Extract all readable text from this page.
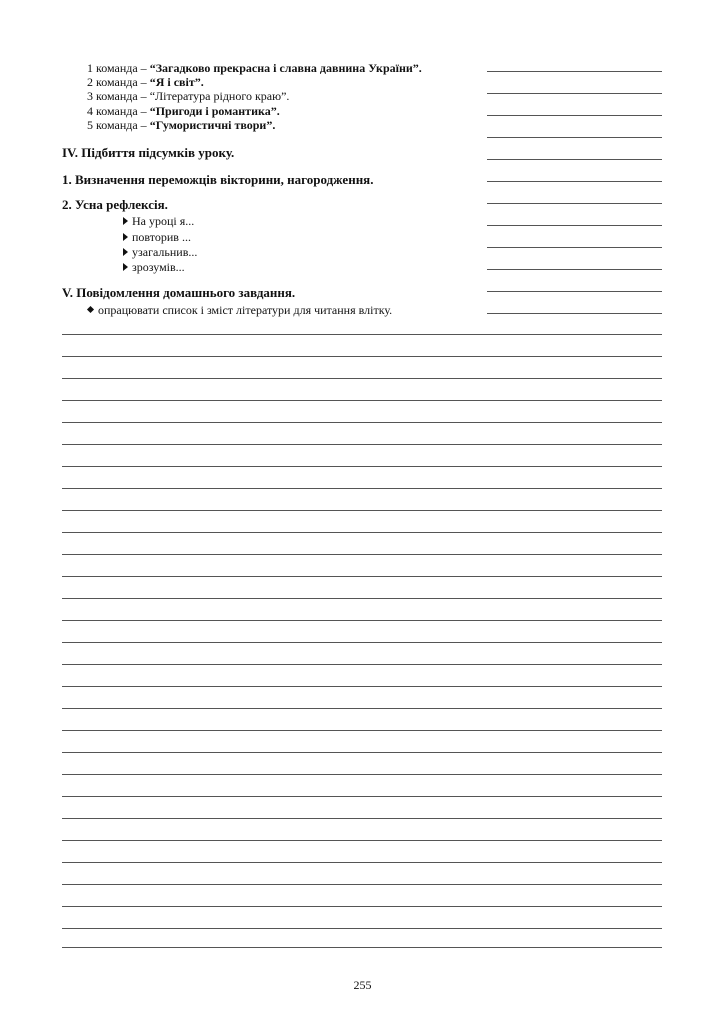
1 команда – “Загадково прекрасна і славна давнина України”.
2 команда – “Я і світ”.
3 команда – “Література рідного краю”.
4 команда – “Пригоди і романтика”.
5 команда – “Гумористичні твори”.
IV. Підбиття підсумків уроку.
1. Визначення переможців вікторини, нагородження.
2. Усна рефлексія.
На уроці я...
повторив ...
узагальнив...
зрозумів...
V. Повідомлення домашнього завдання.
опрацювати список і зміст літератури для читання влітку.
255
